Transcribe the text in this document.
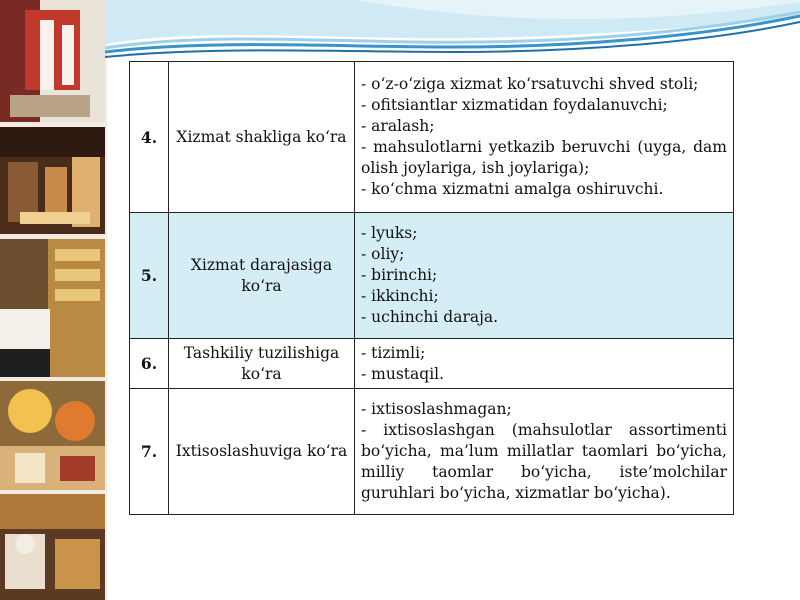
4.	Xizmat shakliga ko‘ra	- o‘z-o‘ziga xizmat ko‘rsatuvchi shved stoli;
- ofitsiantlar xizmatidan foydalanuvchi;
- aralash;
- mahsulotlarni yetkazib beruvchi (uyga, dam olish joylariga, ish joylariga);
- ko‘chma xizmatni amalga oshiruvchi.

5.	Xizmat darajasiga ko‘ra	- lyuks;
- oliy;
- birinchi;
- ikkinchi;
- uchinchi daraja.

6.	Tashkiliy tuzilishiga ko‘ra	- tizimli;
- mustaqil.

7.	Ixtisoslashuviga ko‘ra	- ixtisoslashmagan;
- ixtisoslashgan (mahsulotlar assortimenti bo‘yicha, ma’lum millatlar taomlari bo‘yicha, milliy taomlar bo‘yicha, iste’molchilar guruhlari bo‘yicha, xizmatlar bo‘yicha).
